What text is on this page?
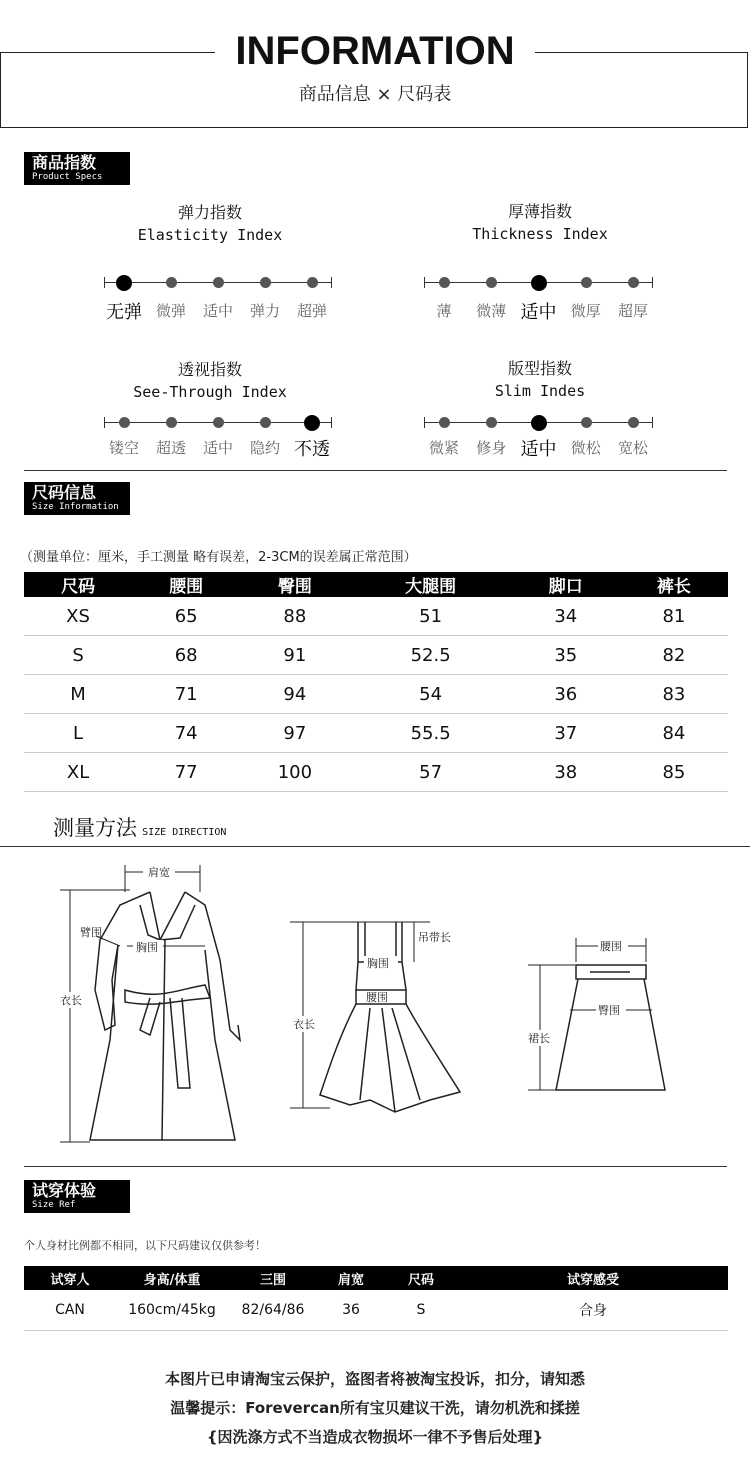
INFORMATION
商品信息 × 尺码表
商品指数
Product Specs
弹力指数
Elasticity Index
无弹 微弹	适中	弹力	超弹
厚薄指数
Thickness Index
薄	微薄 适中 微厚	超厚
透视指数
See-Through Index
镂空	超透	适中	隐约 不透
版型指数
Slim Indes
微紧	修身 适中 微松	宽松
尺码信息
Size Information
（测量单位：厘米，手工测量 略有误差，2-3CM的误差属正常范围）
尺码	腰围	臀围	大腿围	脚口	裤长
XS	65	88	51	34	81
S	68	91	52.5	35	82
M	71	94	54	36	83
L	74	97	55.5	37	84
XL	77	100	57	38	85
测量方法 SIZE DIRECTION
肩宽
臂围
胸围
衣长
吊带长
胸围
腰围
衣长
腰围
臀围
裙长
试穿体验
Size Ref
个人身材比例都不相同，以下尺码建议仅供参考！
试穿人	身高/体重	三围	肩宽	尺码	试穿感受
CAN	160cm/45kg	82/64/86	36	S	合身
本图片已申请淘宝云保护，盗图者将被淘宝投诉，扣分，请知悉
温馨提示：Forevercan所有宝贝建议干洗，请勿机洗和揉搓
{因洗涤方式不当造成衣物损坏一律不予售后处理}
